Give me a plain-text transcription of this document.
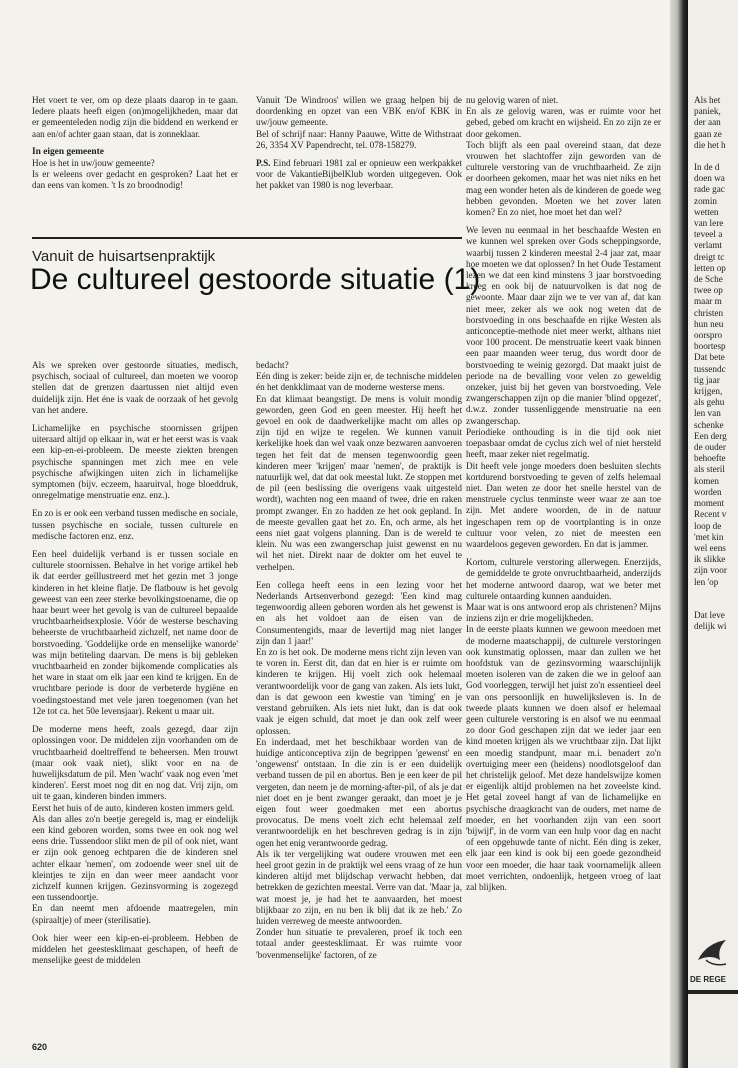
Het voert te ver, om op deze plaats daarop in te gaan. Iedere plaats heeft eigen (on)mogelijkheden, maar dat er gemeenteleden nodig zijn die biddend en werkend er aan en/of achter gaan staan, dat is zonneklaar.

In eigen gemeente

Hoe is het in uw/jouw gemeente?

Is er weleens over gedacht en gesproken? Laat het er dan eens van komen. 't Is zo broodnodig!

Vanuit 'De Windroos' willen we graag helpen bij de doordenking en opzet van een VBK en/of KBK in uw/jouw gemeente.

Bel of schrijf naar: Hanny Paauwe, Witte de Withstraat 26, 3354 XV Papendrecht, tel. 078-158279.

P.S. Eind februari 1981 zal er opnieuw een werkpakket voor de VakantieBijbelKlub worden uitgegeven. Ook het pakket van 1980 is nog leverbaar.

Vanuit de huisartsenpraktijk
De cultureel gestoorde situatie (1)

Als we spreken over gestoorde situaties, medisch, psychisch, sociaal of cultureel, dan moeten we voorop stellen dat de grenzen daartussen niet altijd even duidelijk zijn. Het éne is vaak de oorzaak of het gevolg van het andere.

Lichamelijke en psychische stoornissen grijpen uiteraard altijd op elkaar in, wat er het eerst was is vaak een kip-en-ei-probleem. De meeste ziekten brengen psychische spanningen met zich mee en vele psychische afwijkingen uiten zich in lichamelijke symptomen (bijv. eczeem, haaruitval, hoge bloeddruk, onregelmatige menstruatie enz. enz.).

En zo is er ook een verband tussen medische en sociale, tussen psychische en sociale, tussen culturele en medische factoren enz. enz.

Een heel duidelijk verband is er tussen sociale en culturele stoornissen. Behalve in het vorige artikel heb ik dat eerder geïllustreerd met het gezin met 3 jonge kinderen in het kleine flatje. De flatbouw is het gevolg geweest van een zeer sterke bevolkingstoename, die op haar beurt weer het gevolg is van de cultureel bepaalde vruchtbaarheidsexplosie. Vóór de westerse beschaving beheerste de vruchtbaarheid zichzelf, net name door de borstvoeding. 'Goddelijke orde en menselijke wanorde' was mijn betiteling daarvan. De mens is bij gebleken vruchtbaarheid en zonder bijkomende complicaties als het ware in staat om elk jaar een kind te krijgen. En de vruchtbare periode is door de verbeterde hygiëne en voedingstoestand met vele jaren toegenomen (van het 12e tot ca. het 50e levensjaar). Rekent u maar uit.

De moderne mens heeft, zoals gezegd, daar zijn oplossingen voor. De middelen zijn voorhanden om de vruchtbaarheid doeltreffend te beheersen. Men trouwt (maar ook vaak niet), slikt voor en na de huwelijksdatum de pil. Men 'wacht' vaak nog even 'met kinderen'. Eerst moet nog dit en nog dat. Vrij zijn, om uit te gaan, kinderen binden immers.

Eerst het huis of de auto, kinderen kosten immers geld.

Als dan alles zo'n beetje geregeld is, mag er eindelijk een kind geboren worden, soms twee en ook nog wel eens drie. Tussendoor slikt men de pil of ook niet, want er zijn ook genoeg echtparen die de kinderen snel achter elkaar 'nemen', om zodoende weer snel uit de kleintjes te zijn en dan weer meer aandacht voor zichzelf kunnen krijgen. Gezinsvorming is zogezegd een tussendoortje.

En dan neemt men afdoende maatregelen, min (spiraaltje) of meer (sterilisatie).

Ook hier weer een kip-en-ei-probleem. Hebben de middelen het geestesklimaat geschapen, of heeft de menselijke geest de middelen

bedacht?

Eén ding is zeker: beide zijn er, de technische middelen én het denkklimaat van de moderne westerse mens.

En dat klimaat beangstigt. De mens is voluit mondig geworden, geen God en geen meester. Hij heeft het gevoel en ook de daadwerkelijke macht om alles op zijn tijd en wijze te regelen. We kunnen vanuit kerkelijke hoek dan wel vaak onze bezwaren aanvoeren tegen het feit dat de mensen tegenwoordig geen kinderen meer 'krijgen' maar 'nemen', de praktijk is natuurlijk wel, dat dat ook meestal lukt. Ze stoppen met de pil (een beslissing die overigens vaak uitgesteld wordt), wachten nog een maand of twee, drie en raken prompt zwanger. En zo hadden ze het ook gepland. In de meeste gevallen gaat het zo. En, och arme, als het eens niet gaat volgens planning. Dan is de wereld te klein. Nu was een zwangerschap juist gewenst en nu wil het niet. Direkt naar de dokter om het euvel te verhelpen.

Een collega heeft eens in een lezing voor het Nederlands Artsenverbond gezegd: 'Een kind mag tegenwoordig alleen geboren worden als het gewenst is en als het voldoet aan de eisen van de Consumentengids, maar de levertijd mag niet langer zijn dan 1 jaar!'

En zo is het ook. De moderne mens richt zijn leven van te voren in. Eerst dit, dan dat en hier is er ruimte om kinderen te krijgen. Hij voelt zich ook helemaal verantwoordelijk voor de gang van zaken. Als iets lukt, dan is dat gewoon een kwestie van 'timing' en je verstand gebruiken. Als iets niet lukt, dan is dat ook vaak je eigen schuld, dat moet je dan ook zelf weer oplossen.

En inderdaad, met het beschikbaar worden van de huidige anticonceptiva zijn de begrippen 'gewenst' en 'ongewenst' ontstaan. In die zin is er een duidelijk verband tussen de pil en abortus. Ben je een keer de pil vergeten, dan neem je de morning-after-pil, of als je dat niet doet en je bent zwanger geraakt, dan moet je je eigen fout weer goedmaken met een abortus provocatus. De mens voelt zich echt helemaal zelf verantwoordelijk en het beschreven gedrag is in zijn ogen het enig verantwoorde gedrag.

Als ik ter vergelijking wat oudere vrouwen met een heel groot gezin in de praktijk wel eens vraag of ze hun kinderen altijd met blijdschap verwacht hebben, dat betrekken de gezichten meestal. Verre van dat. 'Maar ja, wat moest je, je had het te aanvaarden, het moest blijkbaar zo zijn, en nu ben ik blij dat ik ze heb.' Zo luiden verreweg de meeste antwoorden.

Zonder hun situatie te prevaleren, proef ik toch een totaal ander geestesklimaat. Er was ruimte voor 'bovenmenselijke' factoren, of ze

nu gelovig waren of niet.

En als ze gelovig waren, was er ruimte voor het gebed, gebed om kracht en wijsheid. En zo zijn ze er door gekomen.

Toch blijft als een paal overeind staan, dat deze vrouwen het slachtoffer zijn geworden van de culturele verstoring van de vruchtbaarheid. Ze zijn er doorheen gekomen, maar het was niet niks en het mag een wonder heten als de kinderen de goede weg hebben gevonden. Moeten we het zover laten komen? En zo niet, hoe moet het dan wel?

We leven nu eenmaal in het beschaafde Westen en we kunnen wel spreken over Gods scheppingsorde, waarbij tussen 2 kinderen meestal 2-4 jaar zat, maar hoe moeten we dat oplossen? In het Oude Testament lezen we dat een kind minstens 3 jaar borstvoeding kreeg en ook bij de natuurvolken is dat nog de gewoonte. Maar daar zijn we te ver van af, dat kan niet meer, zeker als we ook nog weten dat de borstvoeding in ons beschaafde en rijke Westen als anticonceptie-methode niet meer werkt, althans niet voor 100 procent. De menstruatie keert vaak binnen een paar maanden weer terug, dus wordt door de borstvoeding te weinig gezorgd. Dat maakt juist de periode na de bevalling voor velen zo geweldig onzeker, juist bij het geven van borstvoeding. Vele zwangerschappen zijn op die manier 'blind opgezet', d.w.z. zonder tussenliggende menstruatie na een zwangerschap.

Periodieke onthouding is in die tijd ook niet toepasbaar omdat de cyclus zich wel of niet hersteld heeft, maar zeker niet regelmatig.

Dit heeft vele jonge moeders doen besluiten slechts kortdurend borstvoeding te geven of zelfs helemaal niet. Dan weten ze door het snelle herstel van de menstruele cyclus tenminste weer waar ze aan toe zijn. Met andere woorden, de in de natuur ingeschapen rem op de voortplanting is in onze cultuur voor velen, zo niet de meesten een waardeloos gegeven geworden. En dat is jammer.

Kortom, culturele verstoring allerwegen. Enerzijds, de gemiddelde te grote onvruchtbaarheid, anderzijds het moderne antwoord daarop, wat we beter met culturele ontaarding kunnen aanduiden.

Maar wat is ons antwoord erop als christenen? Mijns inziens zijn er drie mogelijkheden.

In de eerste plaats kunnen we gewoon meedoen met de moderne maatschappij, de culturele verstoringen ook kunstmatig oplossen, maar dan zullen we het hoofdstuk van de gezinsvorming waarschijnlijk moeten isoleren van de zaken die we in geloof aan God voorleggen, terwijl het juist zo'n essentieel deel van ons persoonlijk en huwelijksleven is. In de tweede plaats kunnen we doen alsof er helemaal geen culturele verstoring is en alsof we nu eenmaal zo door God geschapen zijn dat we ieder jaar een kind moeten krijgen als we vruchtbaar zijn. Dat lijkt een moedig standpunt, maar m.i. benadert zo'n overtuiging meer een (heidens) noodlotsgeloof dan het christelijk geloof. Met deze handelswijze komen er eigenlijk altijd problemen na het zoveelste kind. Het getal zoveel hangt af van de lichamelijke en psychische draagkracht van de ouders, met name de moeder, en het voorhanden zijn van een soort 'bijwijf', in de vorm van een hulp voor dag en nacht of een opgehuwde tante of nicht. Eén ding is zeker, elk jaar een kind is ook bij een goede gezondheid voor een moeder, die haar taak voornamelijk alleen moet verrichten, ondoenlijk, hetgeen vroeg of laat zal blijken.

620
Als het
paniek,
der aan
gaan ze
die het h
In de d
doen wa
rade gac
zomin
wetten
van lere
teveel a
verlamt
dreigt tc
letten op
de Sche
twee op
maar m
christen
hun neu
oorspro
boortesp
Dat bete
tussendc
tig jaar
krijgen,
als gehu
len van
schenke
Een derg
de ouder
behoefte
als steril
komen
worden
moment
Recent v
loop de
'met kin
wel eens
ik slikke
zijn voor
len 'op
Dat leve
delijk wi
DE REGE
